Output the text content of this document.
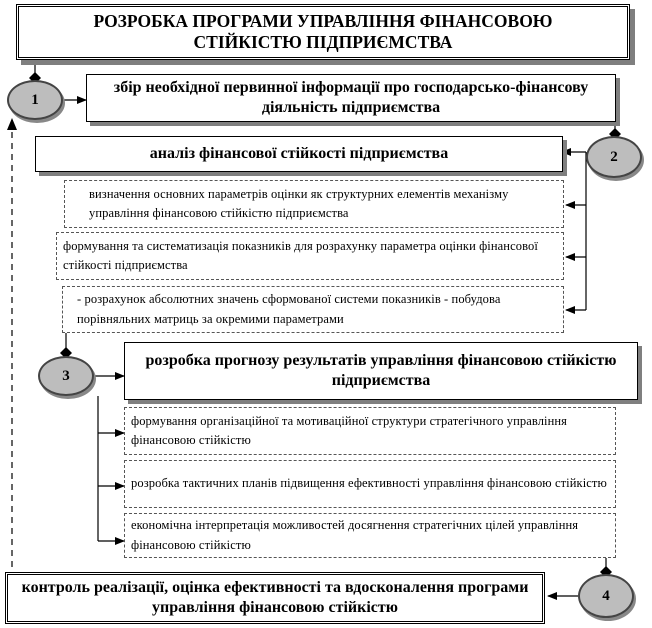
РОЗРОБКА ПРОГРАМИ УПРАВЛІННЯ ФІНАНСОВОЮ СТІЙКІСТЮ ПІДПРИЄМСТВА
1
збір необхідної первинної інформації про господарсько-фінансову діяльність підприємства
2
аналіз фінансової стійкості підприємства
визначення основних параметрів оцінки як структурних елементів механізму управління фінансовою стійкістю підприємства
формування та систематизація показників для розрахунку параметра оцінки фінансової стійкості підприємства
- розрахунок абсолютних значень сформованої системи показників - побудова порівняльних матриць за окремими параметрами
3
розробка прогнозу результатів управління фінансовою стійкістю підприємства
формування організаційної та мотиваційної структури стратегічного управління фінансовою стійкістю
розробка тактичних планів підвищення ефективності управління фінансовою стійкістю
економічна інтерпретація можливостей досягнення стратегічних цілей управління фінансовою стійкістю
4
контроль реалізації, оцінка ефективності та вдосконалення програми управління фінансовою стійкістю
